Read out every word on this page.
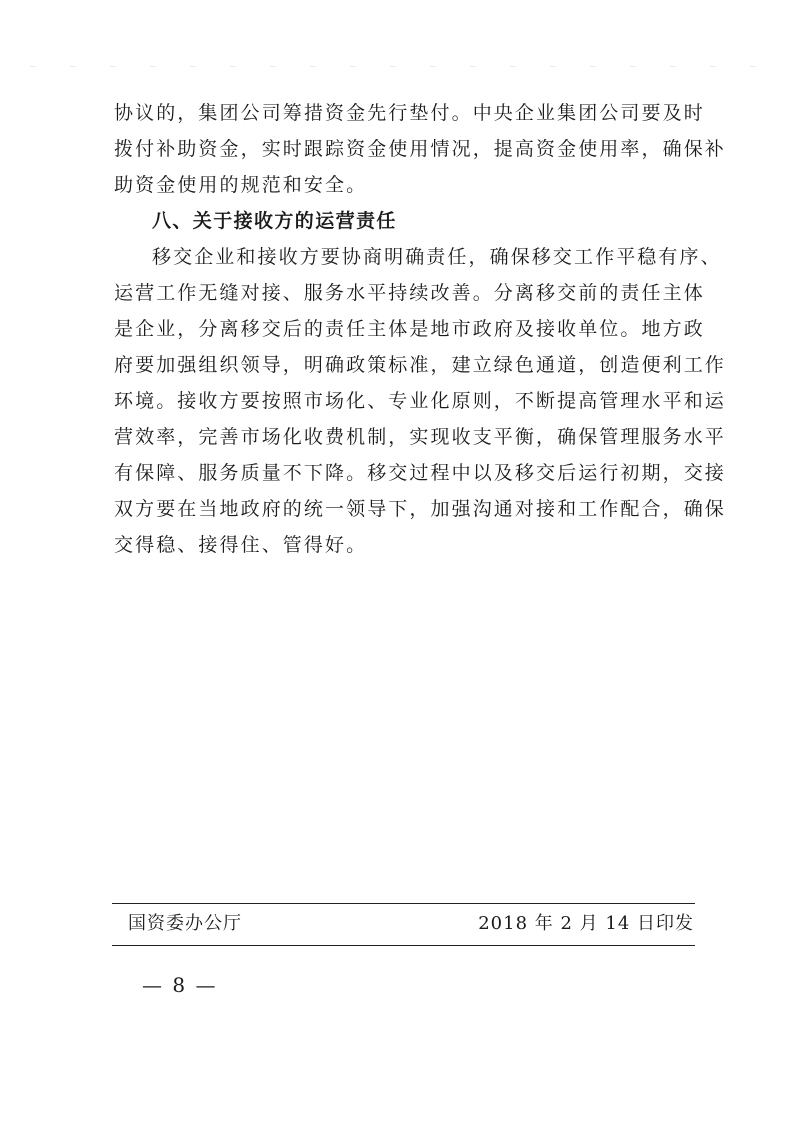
协议的，集团公司筹措资金先行垫付。中央企业集团公司要及时
拨付补助资金，实时跟踪资金使用情况，提高资金使用率，确保补
助资金使用的规范和安全。
八、关于接收方的运营责任
移交企业和接收方要协商明确责任，确保移交工作平稳有序、
运营工作无缝对接、服务水平持续改善。分离移交前的责任主体
是企业，分离移交后的责任主体是地市政府及接收单位。地方政
府要加强组织领导，明确政策标准，建立绿色通道，创造便利工作
环境。接收方要按照市场化、专业化原则，不断提高管理水平和运
营效率，完善市场化收费机制，实现收支平衡，确保管理服务水平
有保障、服务质量不下降。移交过程中以及移交后运行初期，交接
双方要在当地政府的统一领导下，加强沟通对接和工作配合，确保
交得稳、接得住、管得好。
国资委办公厅	2018 年 2 月 14 日印发
— 8 —
